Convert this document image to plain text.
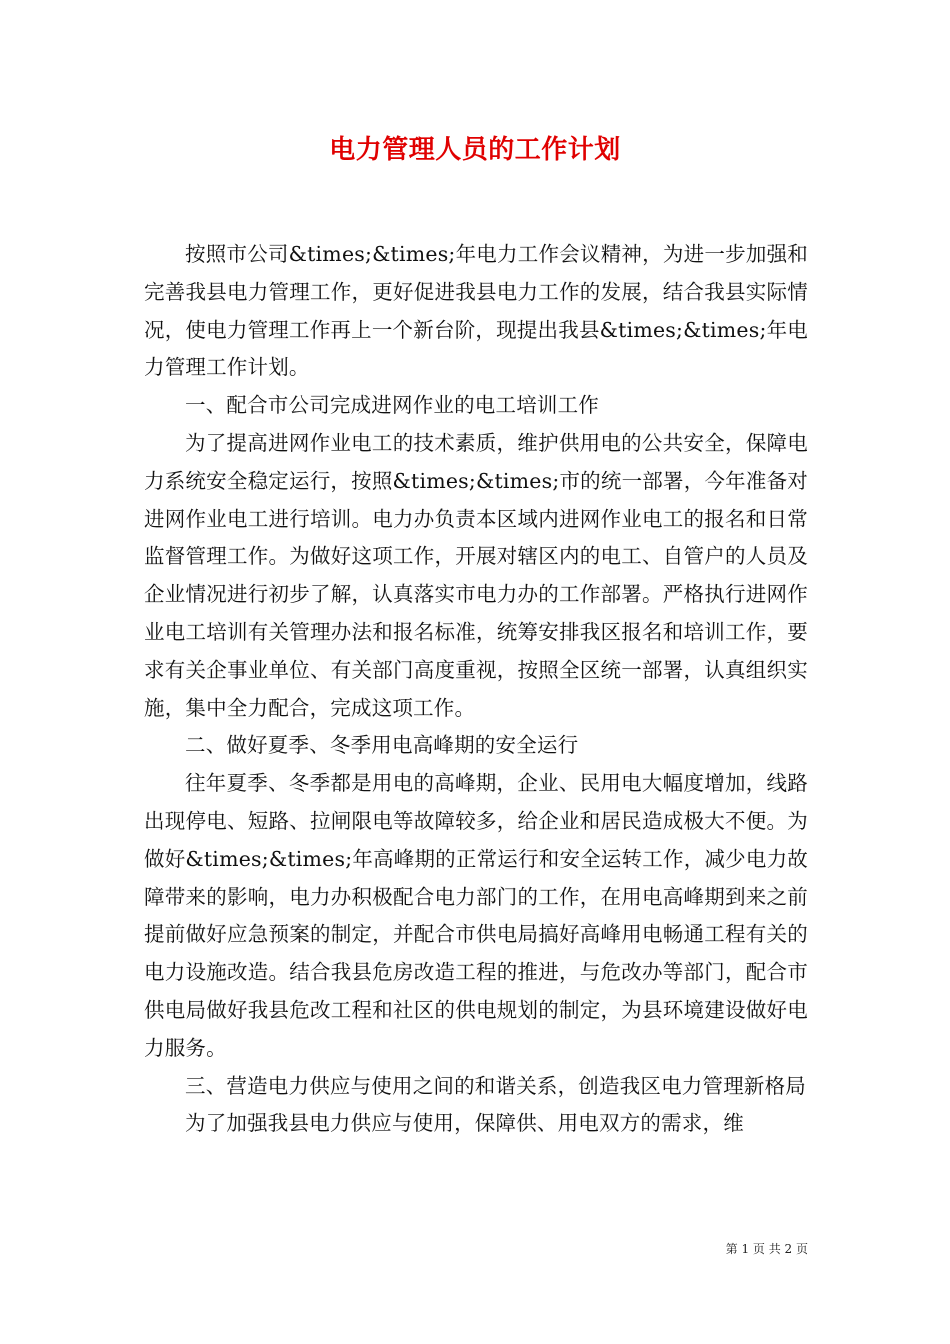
电力管理人员的工作计划

按照市公司&times;&times;年电力工作会议精神，为进一步加强和完善我县电力管理工作，更好促进我县电力工作的发展，结合我县实际情况，使电力管理工作再上一个新台阶，现提出我县&times;&times;年电力管理工作计划。

一、配合市公司完成进网作业的电工培训工作

为了提高进网作业电工的技术素质，维护供用电的公共安全，保障电力系统安全稳定运行，按照&times;&times;市的统一部署，今年准备对进网作业电工进行培训。电力办负责本区域内进网作业电工的报名和日常监督管理工作。为做好这项工作，开展对辖区内的电工、自管户的人员及企业情况进行初步了解，认真落实市电力办的工作部署。严格执行进网作业电工培训有关管理办法和报名标准，统筹安排我区报名和培训工作，要求有关企事业单位、有关部门高度重视，按照全区统一部署，认真组织实施，集中全力配合，完成这项工作。

二、做好夏季、冬季用电高峰期的安全运行

往年夏季、冬季都是用电的高峰期，企业、民用电大幅度增加，线路出现停电、短路、拉闸限电等故障较多，给企业和居民造成极大不便。为做好&times;&times;年高峰期的正常运行和安全运转工作，减少电力故障带来的影响，电力办积极配合电力部门的工作，在用电高峰期到来之前提前做好应急预案的制定，并配合市供电局搞好高峰用电畅通工程有关的电力设施改造。结合我县危房改造工程的推进，与危改办等部门，配合市供电局做好我县危改工程和社区的供电规划的制定，为县环境建设做好电力服务。

三、营造电力供应与使用之间的和谐关系，创造我区电力管理新格局

为了加强我县电力供应与使用，保障供、用电双方的需求，维

第 1 页 共 2 页
